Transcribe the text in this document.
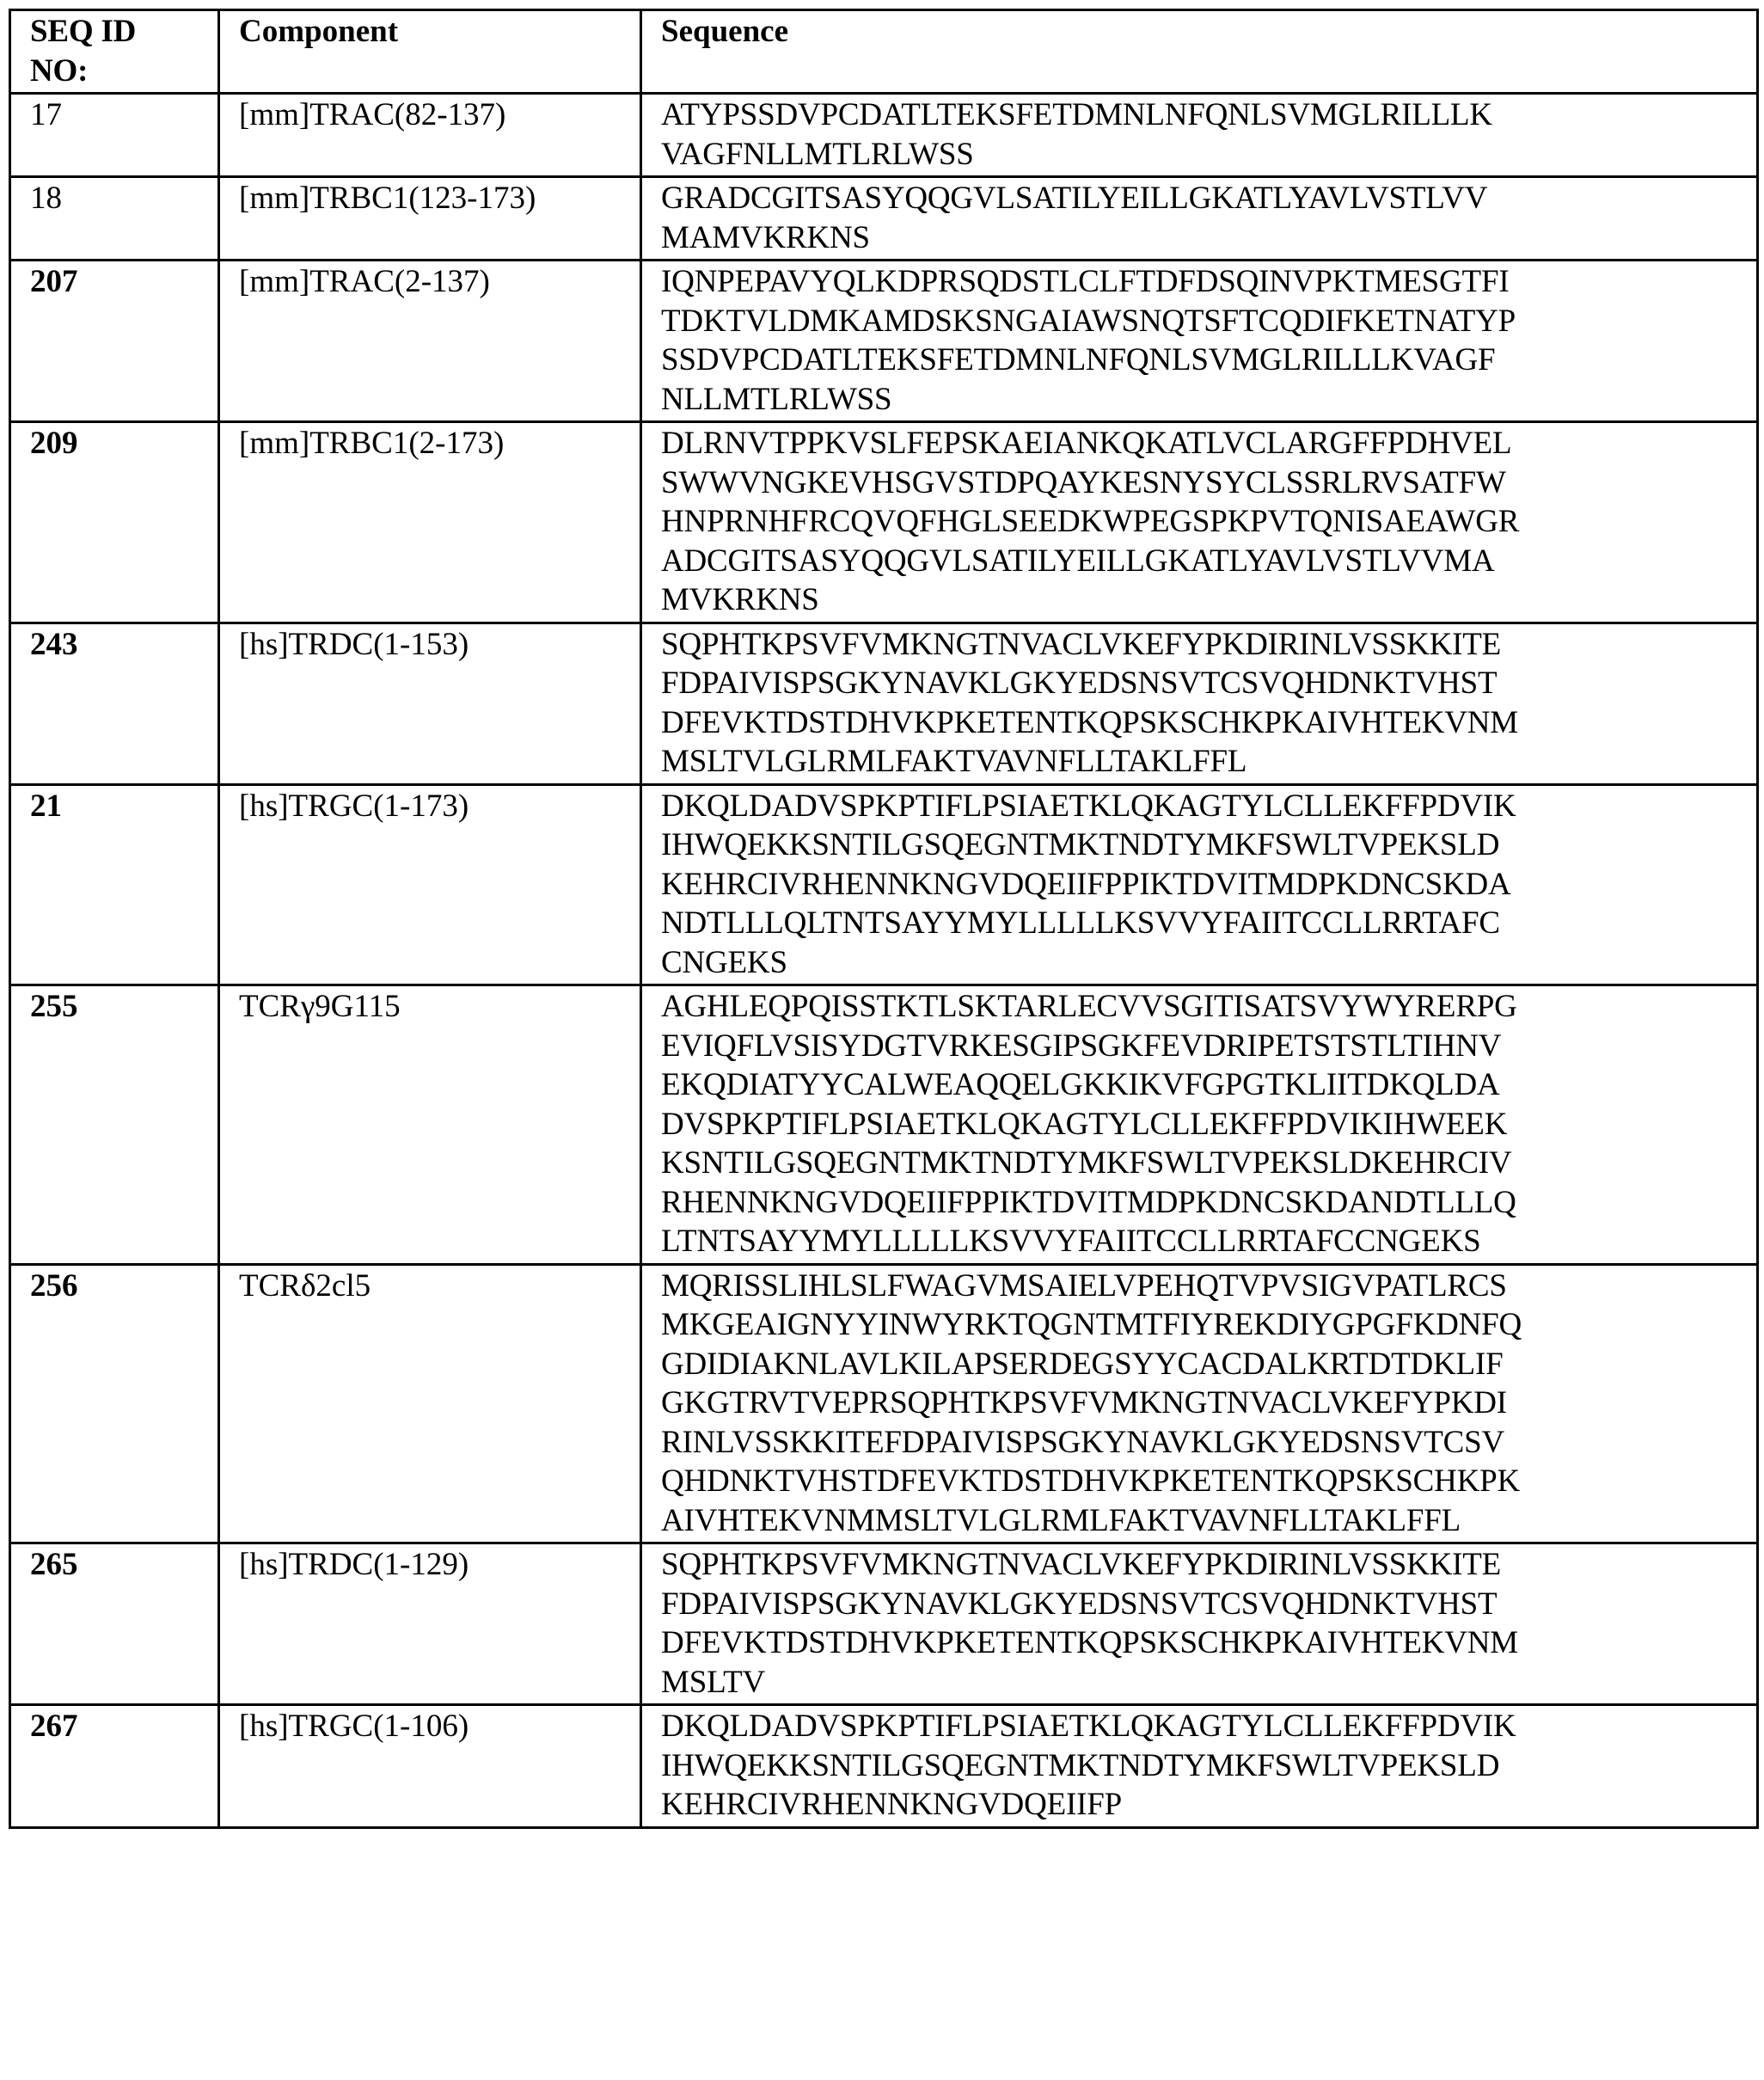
SEQ ID
NO:	Component	Sequence
17	[mm]TRAC(82-137)	ATYPSSDVPCDATLTEKSFETDMNLNFQNLSVMGLRILLLK
VAGFNLLMTLRLWSS

18	[mm]TRBC1(123-173)	GRADCGITSASYQQGVLSATILYEILLGKATLYAVLVSTLVV
MAMVKRKNS

207	[mm]TRAC(2-137)	IQNPEPAVYQLKDPRSQDSTLCLFTDFDSQINVPKTMESGTFI
TDKTVLDMKAMDSKSNGAIAWSNQTSFTCQDIFKETNATYP
SSDVPCDATLTEKSFETDMNLNFQNLSVMGLRILLLKVAGF
NLLMTLRLWSS

209	[mm]TRBC1(2-173)	DLRNVTPPKVSLFEPSKAEIANKQKATLVCLARGFFPDHVEL
SWWVNGKEVHSGVSTDPQAYKESNYSYCLSSRLRVSATFW
HNPRNHFRCQVQFHGLSEEDKWPEGSPKPVTQNISAEAWGR
ADCGITSASYQQGVLSATILYEILLGKATLYAVLVSTLVVMA
MVKRKNS

243	[hs]TRDC(1-153)	SQPHTKPSVFVMKNGTNVACLVKEFYPKDIRINLVSSKKITE
FDPAIVISPSGKYNAVKLGKYEDSNSVTCSVQHDNKTVHST
DFEVKTDSTDHVKPKETENTKQPSKSCHKPKAIVHTEKVNM
MSLTVLGLRMLFAKTVAVNFLLTAKLFFL

21	[hs]TRGC(1-173)	DKQLDADVSPKPTIFLPSIAETKLQKAGTYLCLLEKFFPDVIK
IHWQEKKSNTILGSQEGNTMKTNDTYMKFSWLTVPEKSLD
KEHRCIVRHENNKNGVDQEIIFPPIKTDVITMDPKDNCSKDA
NDTLLLQLTNTSAYYMYLLLLLKSVVYFAIITCCLLRRTAFC
CNGEKS

255	TCRγ9G115	AGHLEQPQISSTKTLSKTARLECVVSGITISATSVYWYRERPG
EVIQFLVSISYDGTVRKESGIPSGKFEVDRIPETSTSTLTIHNV
EKQDIATYYCALWEAQQELGKKIKVFGPGTKLIITDKQLDA
DVSPKPTIFLPSIAETKLQKAGTYLCLLEKFFPDVIKIHWEEK
KSNTILGSQEGNTMKTNDTYMKFSWLTVPEKSLDKEHRCIV
RHENNKNGVDQEIIFPPIKTDVITMDPKDNCSKDANDTLLLQ
LTNTSAYYMYLLLLLKSVVYFAIITCCLLRRTAFCCNGEKS

256	TCRδ2cl5	MQRISSLIHLSLFWAGVMSAIELVPEHQTVPVSIGVPATLRCS
MKGEAIGNYYINWYRKTQGNTMTFIYREKDIYGPGFKDNFQ
GDIDIAKNLAVLKILAPSERDEGSYYCACDALKRTDTDKLIF
GKGTRVTVEPRSQPHTKPSVFVMKNGTNVACLVKEFYPKDI
RINLVSSKKITEFDPAIVISPSGKYNAVKLGKYEDSNSVTCSV
QHDNKTVHSTDFEVKTDSTDHVKPKETENTKQPSKSCHKPK
AIVHTEKVNMMSLTVLGLRMLFAKTVAVNFLLTAKLFFL

265	[hs]TRDC(1-129)	SQPHTKPSVFVMKNGTNVACLVKEFYPKDIRINLVSSKKITE
FDPAIVISPSGKYNAVKLGKYEDSNSVTCSVQHDNKTVHST
DFEVKTDSTDHVKPKETENTKQPSKSCHKPKAIVHTEKVNM
MSLTV

267	[hs]TRGC(1-106)	DKQLDADVSPKPTIFLPSIAETKLQKAGTYLCLLEKFFPDVIK
IHWQEKKSNTILGSQEGNTMKTNDTYMKFSWLTVPEKSLD
KEHRCIVRHENNKNGVDQEIIFP
